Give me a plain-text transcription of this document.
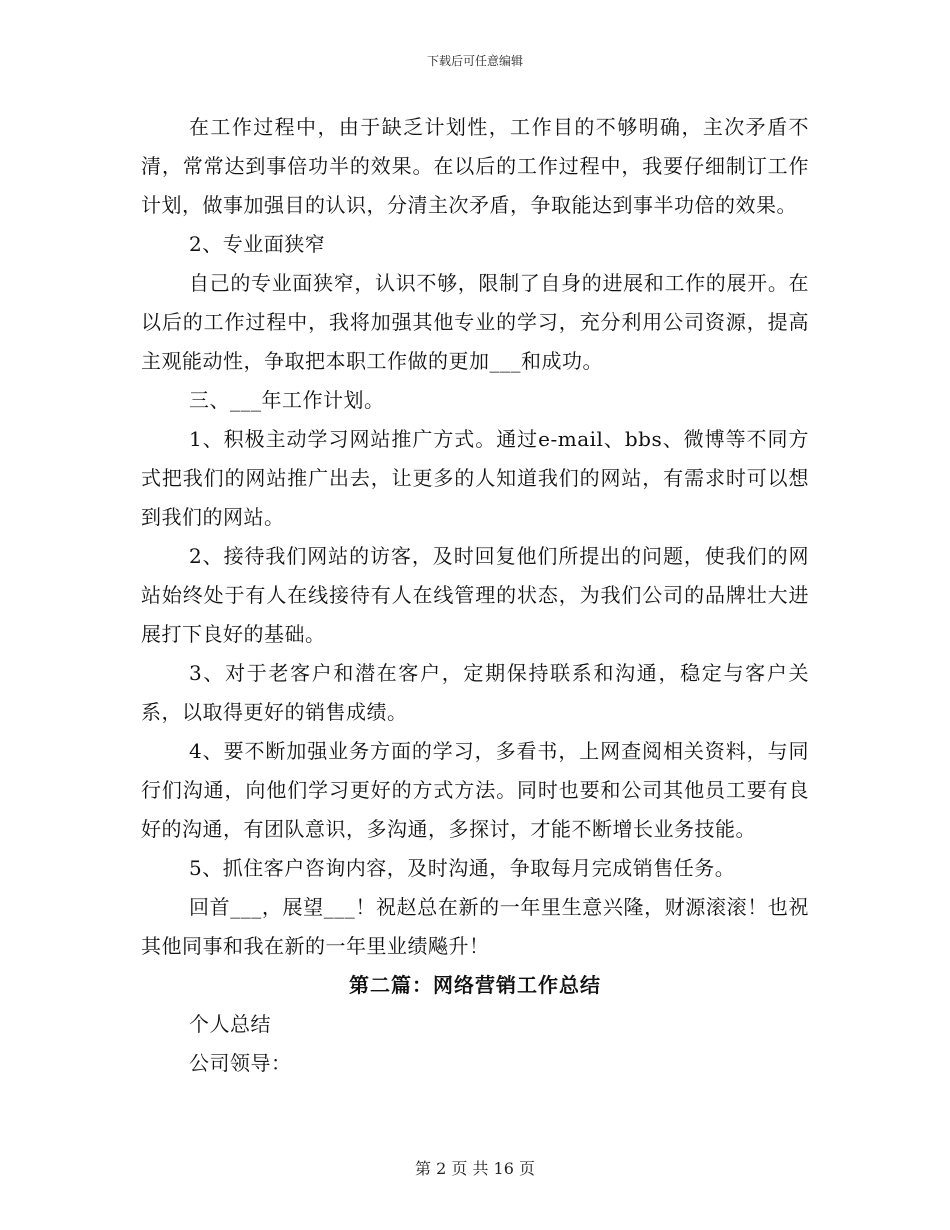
下载后可任意编辑

在工作过程中，由于缺乏计划性，工作目的不够明确，主次矛盾不清，常常达到事倍功半的效果。在以后的工作过程中，我要仔细制订工作计划，做事加强目的认识，分清主次矛盾，争取能达到事半功倍的效果。

2、专业面狭窄

自己的专业面狭窄，认识不够，限制了自身的进展和工作的展开。在以后的工作过程中，我将加强其他专业的学习，充分利用公司资源，提高主观能动性，争取把本职工作做的更加___和成功。

三、___年工作计划。

1、积极主动学习网站推广方式。通过e-mail、bbs、微博等不同方式把我们的网站推广出去，让更多的人知道我们的网站，有需求时可以想到我们的网站。

2、接待我们网站的访客，及时回复他们所提出的问题，使我们的网站始终处于有人在线接待有人在线管理的状态，为我们公司的品牌壮大进展打下良好的基础。

3、对于老客户和潜在客户，定期保持联系和沟通，稳定与客户关系，以取得更好的销售成绩。

4、要不断加强业务方面的学习，多看书，上网查阅相关资料，与同行们沟通，向他们学习更好的方式方法。同时也要和公司其他员工要有良好的沟通，有团队意识，多沟通，多探讨，才能不断增长业务技能。

5、抓住客户咨询内容，及时沟通，争取每月完成销售任务。

回首___，展望___！祝赵总在新的一年里生意兴隆，财源滚滚！也祝其他同事和我在新的一年里业绩飚升！

第二篇：网络营销工作总结

个人总结

公司领导：

第 2 页 共 16 页
